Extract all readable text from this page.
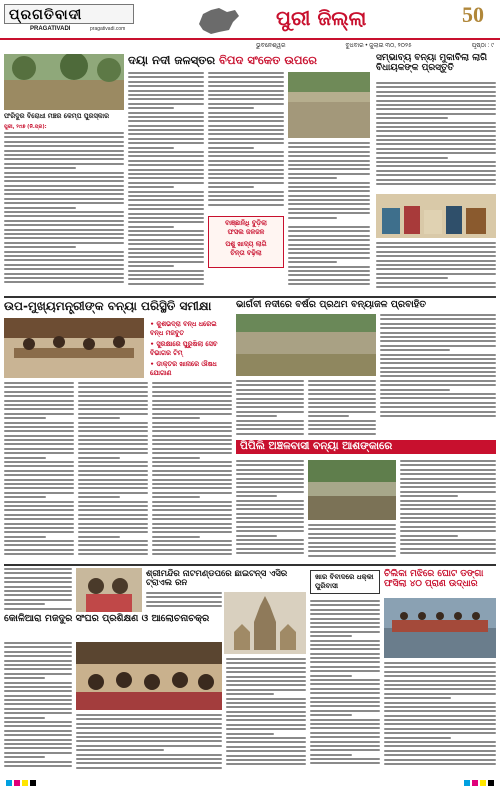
ପ୍ରଗତିବାଦୀ
PRAGATIVADI	pragativadi.com	ପୁରୀ ଜିଲ୍ଲା	50
ଭୁବନେଶ୍ୱର	ବୁଧବାର • ଜୁଲାଇ ୩୦, ୨୦୨୫	ପୃଷ୍ଠା : ୯
ଫରିଦୁର ବିରୋଧୀ ମଞ୍ଚର କେମ୍ପ ପୁରସ୍କାର
ପୁରୀ, ୨୯ା୭ (ନି.ପ୍ର):
ଦୟା ନଦୀ ଜଳସ୍ତର ବିପଦ ସଂକେତ ଉପରେ
ବାଞ୍ଛାନିଧି ବୁଡ଼ିଲା
ଫସଲ ଜଳଜଳ
ପଶୁ ଖାଦ୍ୟ ଲାଗି
ଚିନ୍ତା ବଢ଼ିଲା
ସମ୍ଭାବ୍ୟ ବନ୍ୟା ମୁକାବିଲା ଲାଗି ବିଧାୟକଙ୍କ ପ୍ରସ୍ତୁତି
ଉପ-ମୁଖ୍ୟମନ୍ତ୍ରୀଙ୍କ ବନ୍ୟା ପରିସ୍ଥିତି ସମୀକ୍ଷା
• କୁଶଭଦ୍ରା ବନ୍ଧ ଧରେଇ ବନ୍ଧ ମଜବୁତ
• ସୁରକ୍ଷାରେ ପୁରୁଷିଲା ସେଚ ବିଭାଗର ଟିମ୍
• ଡାକ୍ତର ଖାନାରେ ଔଷଧ ଯୋଗାଣ
ଭାର୍ଗବୀ ନଦୀରେ ବର୍ଷର ପ୍ରଥମ ବନ୍ୟାଜଳ ପ୍ରବାହିତ
ପିପିଲି ଅଞ୍ଚଳବାସୀ ବନ୍ୟା ଆଶଙ୍କାରେ
ଶ୍ରୀମନ୍ଦିର ନାଟମଣ୍ଡପରେ ଛାଇଟନ୍ସ ଏସିର ଟ୍ରାଏଲ ରନ
ଖାର ବିବାଦରେ ଧକ୍କା ପୁରିବାସୀ
ଚିଲିକା ମଝିରେ ଘୋଟ ଡଙ୍ଗା ଫସିଲା ୪୦ ପ୍ରାଣ ଉଦ୍ଧାର
କୋଳିଆରା ମଜଦୁର ସଂଘର ପ୍ରଶିକ୍ଷଣ ଓ ଆଲୋଚନାଚକ୍ର
